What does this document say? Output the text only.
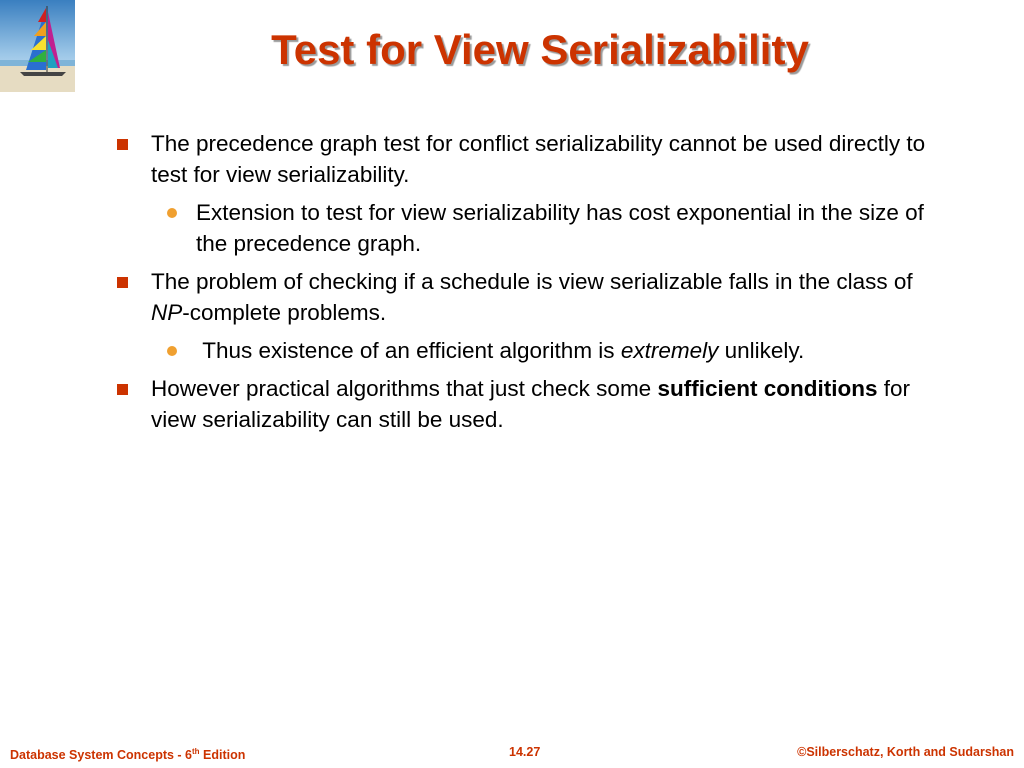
Test for View Serializability
The precedence graph test for conflict serializability cannot be used directly to test for view serializability.
Extension to test for view serializability has cost exponential in the size of the precedence graph.
The problem of checking if a schedule is view serializable falls in the class of NP-complete problems.
Thus existence of an efficient algorithm is extremely unlikely.
However practical algorithms that just check some sufficient conditions for view serializability can still be used.
Database System Concepts - 6th Edition	14.27	©Silberschatz, Korth and Sudarshan
